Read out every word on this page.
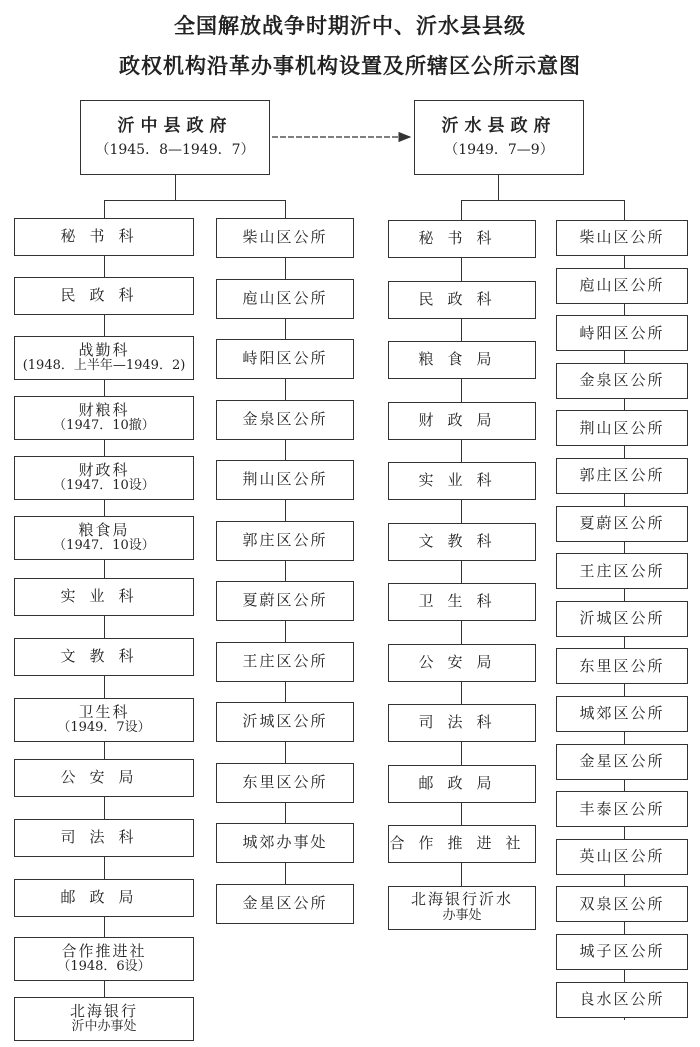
全国解放战争时期沂中、沂水县县级
政权机构沿革办事机构设置及所辖区公所示意图
沂中县政府
（1945．8—1949．7）
沂水县政府
（1949．7—9）
秘书科
民政科
战勤科
(1948．上半年—1949．2)
财粮科
（1947．10撤）
财政科
（1947．10设）
粮食局
（1947．10设）
实业科
文教科
卫生科
（1949．7设）
公安局
司法科
邮政局
合作推进社
（1948．6设）
北海银行
沂中办事处
柴山区公所
庖山区公所
峙阳区公所
金泉区公所
荆山区公所
郭庄区公所
夏蔚区公所
王庄区公所
沂城区公所
东里区公所
城郊办事处
金星区公所
秘书科
民政科
粮食局
财政局
实业科
文教科
卫生科
公安局
司法科
邮政局
合作推进社
北海银行沂水
办事处
柴山区公所
庖山区公所
峙阳区公所
金泉区公所
荆山区公所
郭庄区公所
夏蔚区公所
王庄区公所
沂城区公所
东里区公所
城郊区公所
金星区公所
丰泰区公所
英山区公所
双泉区公所
城子区公所
良水区公所
